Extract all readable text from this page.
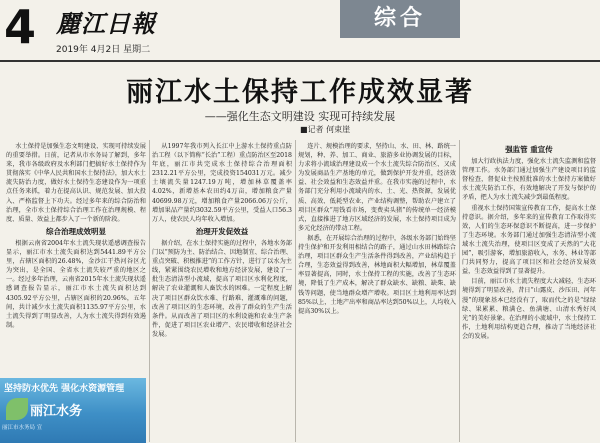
4 麗江日報
2019年 4月2日 星期二
综合
丽江水土保持工作成效显著
——强化生态文明建设 实现可持续发展
■记者 何束崖

水土保持是加强生态文明建设、实现可持续发展的重要举措。日前，记者从市水务局了解到，多年来，我市各级政府及水利部门把搞好水土保持作为贯彻落实《中华人民共和国水土保持法》，加大水土流失防治力度，做好水土保持生态建设作为一项重点任务来抓，着力在提高认识、规范发展、加大投入、严格监督上下功夫。经过多年来的综合防治和治理，全市水土保持综合治理工作在治理规模、程度、质量、效益上都步入了一个新的阶段。

综合治理成效明显

根据云南省2004年水土流失现状遥感调查报告显示，丽江市水土流失面积达到5441.89平方公里，占辖区面积的26.48%，金沙江干热河谷区尤为突出，是全国、全省水土流失较严重的地区之一。经过多年治理，云南省2015年水土流失现状遥感调查报告显示，丽江市水土流失面积达到4305.92平方公里，占辖区面积的20.96%，五年间，共计减少水土流失面积1135.97平方公里，水土流失得到了明显改善，人为水土流失得到有效遏制。

从1997年我市列入长江中上游水土保持重点防治工程（以下简称“长治”工程）重点防治区至2018年底，丽江市共完成水土保持综合治理面积2312.21平方公里，完成投资154031万元。减少土壤流失量1247.19万吨，增加林草覆盖率4.02%，新增基本农田约4万亩，增加粮食产量40699.98万元，增加粮食产量2066.06万公斤，增加果品产量约3032.59平方公里，受益人口56.3万人，使农民人均年收入增加。

治理开发促效益

据介绍，在水土保持实施的过程中，各地水务部门以“预防为主、防治结合、因地制宜、综合治理、重点突破、积极推进”的工作方针，进行了以水为主线，紧紧围绕农民增收和地方经济发展，建设了一批生态清洁型小流域，提高了项目区水利化程度，解决了农业灌溉和人畜饮水的困难。一定程度上解决了项目区群众饮水难、行路难、灌溉难的问题，改善了项目区的生态环境，改善了群众的生产生活条件。从而改善了项目区的水利设施和农业生产条件，促进了项目区农业增产、农民增收和经济社会发展。

连片、规模治理的要求，坚持山、水、田、林、路统一规划，种、养、加工、商业、旅游多业协调发展的目标，力求将小流域治理建设成一个水土流失综合防治区、又成为发展商品生产基地的单元，做到保护开发并重，经济效益、社会效益和生态效益并重。在我市实施的过程中，水务部门充分利用小流域内的水、土、光、热资源，发展优质、高效、低耗型农业，产业结构调整，帮助农户建立了项目区群众“用钱看市场，变费卖头猪”的传统单一经济模式，直接推进了地方区域经济的发展，水土保持项目成为多元化经济的带动工程。

据悉，在开展综合治理的过程中，各级水务部门始终坚持生保护和开发利用相结合的路子，通过山水田林路综合治理，项目区群众生产生活条件得到改善，产业结构趋于合理，生态效益得到改善，林地面积大幅增加，林草覆盖率显著提高，同时，水土保持工程的实施，改善了生态环境，降低了生产成本，解决了群众缺水、缺粮、缺柴、缺钱等问题，使当地群众增产增收。项目区土地利用率达到85%以上，土地产出率和商品率达到50%以上，人均收入提高30%以上。

强监管 重宣传

加大行政执法力度，强化水土流失监测和监督管理工作。水务部门通过加强生产建设项目的监督检查，督促业主按照批准的水土保持方案做好水土流失防治工作，有效地解决了开发与保护的矛盾，把人为水土流失减少到最低程度。

重视水土保持国策宣传教育工作，提高水土保持意识。据介绍，多年来的宣传教育工作取得实效，人们的生态环保意识不断提高，进一步保护了生态环境。水务部门通过加强生态清洁型小流域水土流失治理，使项目区变成了天然的“大花园”，吸引游客，增加旅游收入，水务、林业等部门共同努力，提高了项目区和社会经济发展效益，生态效益得到了显著提升。

目前，丽江市水土流失程度大大减轻，生态环境得到了明显改善，昔日“山露皮、沙压田、河年漫”的现象基本已经没有了，取而代之的是“绿绿绿、果累累、粮满仓、鱼满塘、山清水秀好风光”的美好景象。在治理的小流域中，水土保持工作，土地利用结构更趋合理，推动了当地经济社会的发展。

坚持防水优先 强化水资源管理
丽江水务
丽江市水务局 宣
